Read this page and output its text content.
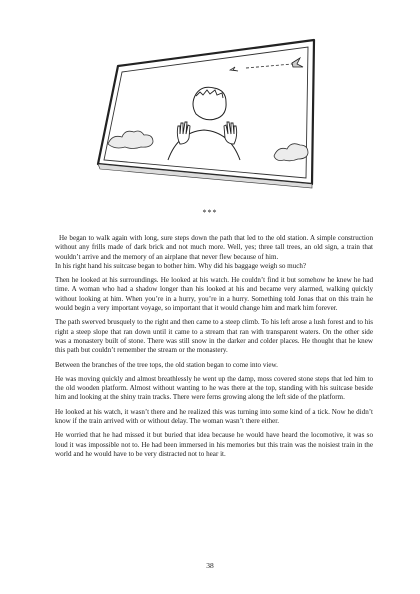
***

He began to walk again with long, sure steps down the path that led to the old station. A simple construction without any frills made of dark brick and not much more. Well, yes; three tall trees, an old sign, a train that wouldn’t arrive and the memory of an airplane that never flew because of him.

In his right hand his suitcase began to bother him. Why did his baggage weigh so much?

Then he looked at his surroundings. He looked at his watch. He couldn’t find it but somehow he knew he had time. A woman who had a shadow longer than his looked at his and became very alarmed, walking quickly without looking at him. When you’re in a hurry, you’re in a hurry. Something told Jonas that on this train he would begin a very important voyage, so important that it would change him and mark him forever.

The path swerved brusquely to the right and then came to a steep climb. To his left arose a lush forest and to his right a steep slope that ran down until it came to a stream that ran with transparent waters. On the other side was a monastery built of stone. There was still snow in the darker and colder places. He thought that he knew this path but couldn’t remember the stream or the monastery.

Between the branches of the tree tops, the old station began to come into view.

He was moving quickly and almost breathlessly he went up the damp, moss covered stone steps that led him to the old wooden platform. Almost without wanting to he was there at the top, standing with his suitcase beside him and looking at the shiny train tracks. There were ferns growing along the left side of the platform.

He looked at his watch, it wasn’t there and he realized this was turning into some kind of a tick. Now he didn’t know if the train arrived with or without delay. The woman wasn’t there either.

He worried that he had missed it but buried that idea because he would have heard the locomotive, it was so loud it was impossible not to. He had been immersed in his memories but this train was the noisiest train in the world and he would have to be very distracted not to hear it.

38
